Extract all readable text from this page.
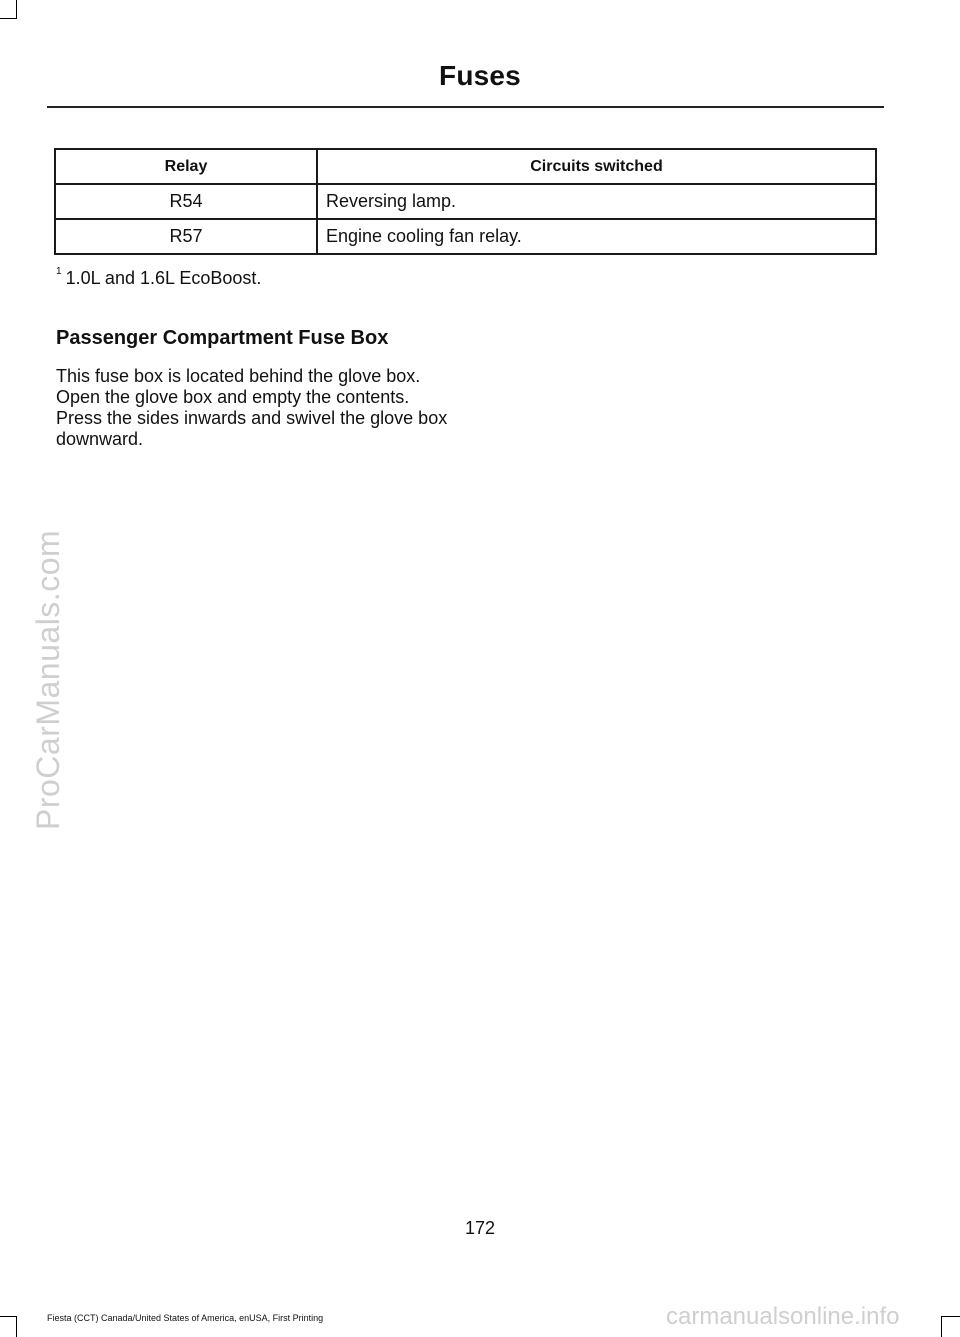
Fuses
Relay	Circuits switched
R54	Reversing lamp.
R57	Engine cooling fan relay.
$^1$ 1.0L and 1.6L EcoBoost.
Passenger Compartment Fuse Box
This fuse box is located behind the glove box. Open the glove box and empty the contents. Press the sides inwards and swivel the glove box downward.
ProCarManuals.com
172
Fiesta (CCT) Canada/United States of America, enUSA, First Printing	carmanualsonline.info
